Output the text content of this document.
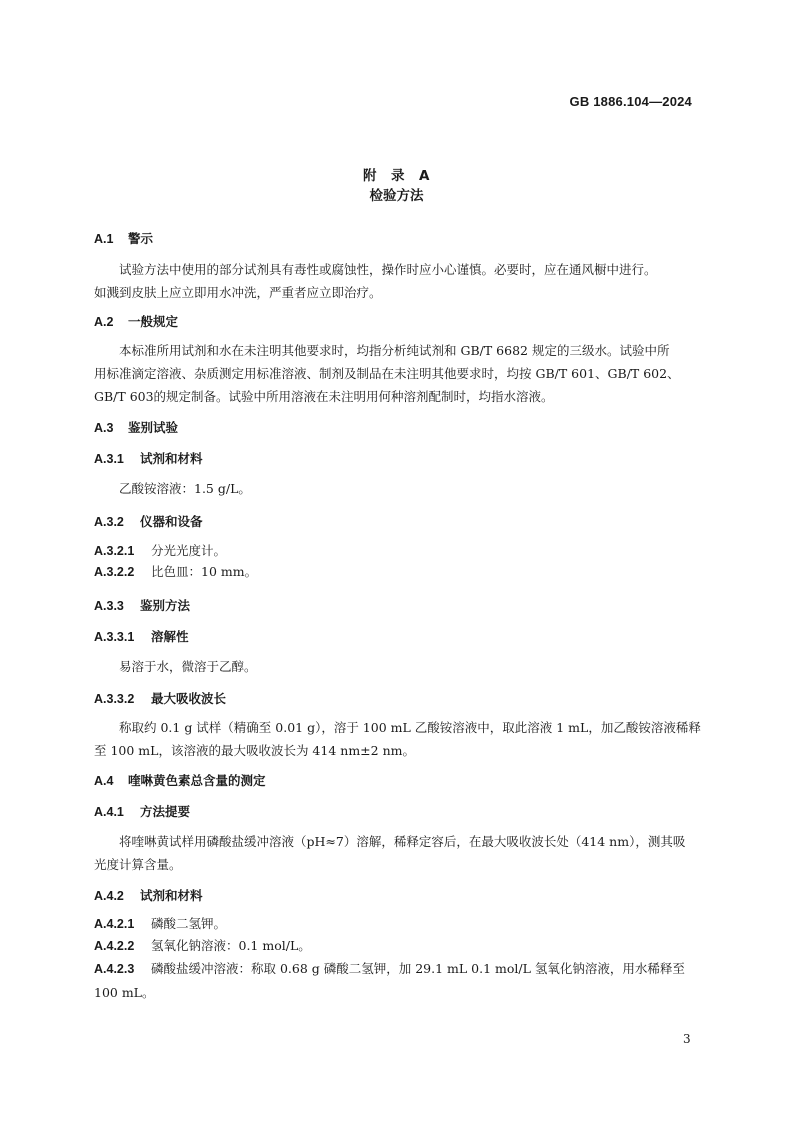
GB 1886.104—2024
附　录　A
检验方法
A.1 警示
试验方法中使用的部分试剂具有毒性或腐蚀性，操作时应小心谨慎。必要时，应在通风橱中进行。
如溅到皮肤上应立即用水冲洗，严重者应立即治疗。
A.2 一般规定
本标准所用试剂和水在未注明其他要求时，均指分析纯试剂和 GB/T 6682 规定的三级水。试验中所
用标准滴定溶液、杂质测定用标准溶液、制剂及制品在未注明其他要求时，均按 GB/T 601、GB/T 602、
GB/T 603的规定制备。试验中所用溶液在未注明用何种溶剂配制时，均指水溶液。
A.3 鉴别试验
A.3.1 试剂和材料
乙酸铵溶液：1.5 g/L。
A.3.2 仪器和设备
A.3.2.1 分光光度计。
A.3.2.2 比色皿：10 mm。
A.3.3 鉴别方法
A.3.3.1 溶解性
易溶于水，微溶于乙醇。
A.3.3.2 最大吸收波长
称取约 0.1 g 试样（精确至 0.01 g），溶于 100 mL 乙酸铵溶液中，取此溶液 1 mL，加乙酸铵溶液稀释
至 100 mL，该溶液的最大吸收波长为 414 nm±2 nm。
A.4 喹啉黄色素总含量的测定
A.4.1 方法提要
将喹啉黄试样用磷酸盐缓冲溶液（pH≈7）溶解，稀释定容后，在最大吸收波长处（414 nm），测其吸
光度计算含量。
A.4.2 试剂和材料
A.4.2.1 磷酸二氢钾。
A.4.2.2 氢氧化钠溶液：0.1 mol/L。
A.4.2.3 磷酸盐缓冲溶液：称取 0.68 g 磷酸二氢钾，加 29.1 mL 0.1 mol/L 氢氧化钠溶液，用水稀释至
100 mL。
3
